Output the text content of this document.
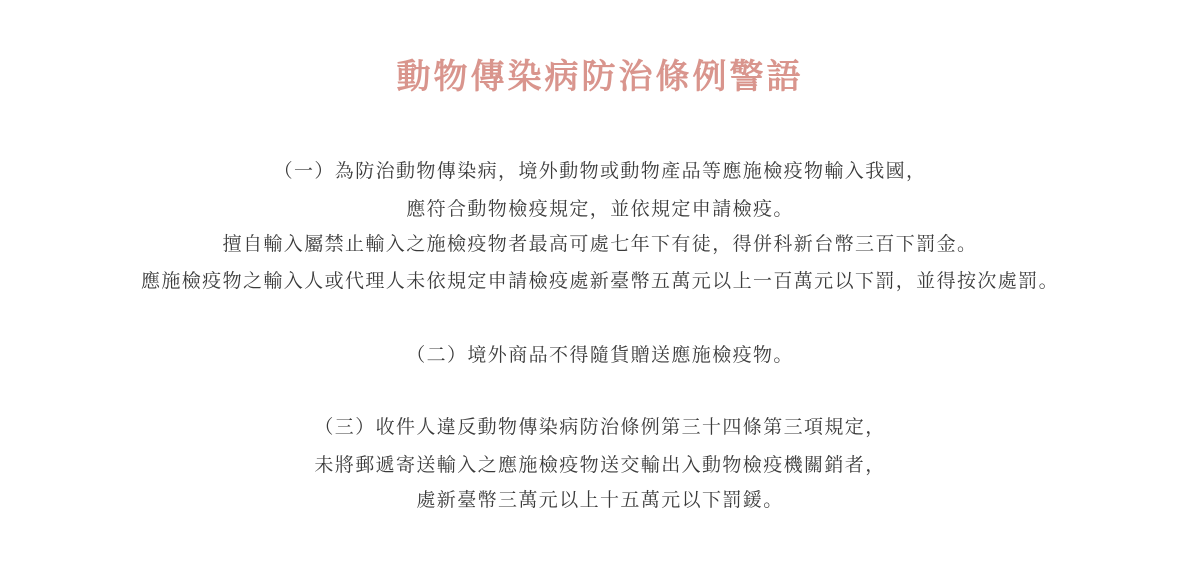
動物傳染病防治條例警語
（一）為防治動物傳染病，境外動物或動物產品等應施檢疫物輸入我國，
應符合動物檢疫規定，並依規定申請檢疫。
擅自輸入屬禁止輸入之施檢疫物者最高可處七年下有徒，得併科新台幣三百下罰金。
應施檢疫物之輸入人或代理人未依規定申請檢疫處新臺幣五萬元以上一百萬元以下罰，並得按次處罰。
（二）境外商品不得隨貨贈送應施檢疫物。
（三）收件人違反動物傳染病防治條例第三十四條第三項規定，
未將郵遞寄送輸入之應施檢疫物送交輸出入動物檢疫機關銷者，
處新臺幣三萬元以上十五萬元以下罰鍰。
